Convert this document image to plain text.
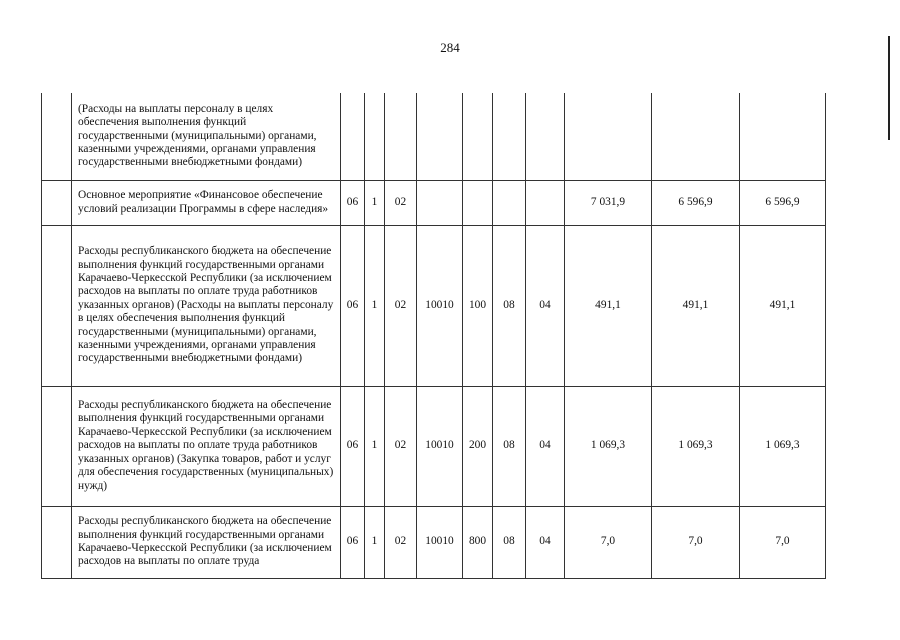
284
	(Расходы на выплаты персоналу в целях обеспечения выполнения функций государственными (муниципальными) органами, казенными учреждениями, органами управления государственными внебюджетными фондами)										
	Основное мероприятие «Финансовое обеспечение условий реализации Программы в сфере наследия»	06	1	02					7 031,9	6 596,9	6 596,9
	Расходы республиканского бюджета на обеспечение выполнения функций государственными органами Карачаево-Черкесской Республики (за исключением расходов на выплаты по оплате труда работников указанных органов) (Расходы на выплаты персоналу в целях обеспечения выполнения функций государственными (муниципальными) органами, казенными учреждениями, органами управления государственными внебюджетными фондами)	06	1	02	10010	100	08	04	491,1	491,1	491,1
	Расходы республиканского бюджета на обеспечение выполнения функций государственными органами Карачаево-Черкесской Республики (за исключением расходов на выплаты по оплате труда работников указанных органов) (Закупка товаров, работ и услуг для обеспечения государственных (муниципальных) нужд)	06	1	02	10010	200	08	04	1 069,3	1 069,3	1 069,3
	Расходы республиканского бюджета на обеспечение выполнения функций государственными органами Карачаево-Черкесской Республики (за исключением расходов на выплаты по оплате труда	06	1	02	10010	800	08	04	7,0	7,0	7,0
